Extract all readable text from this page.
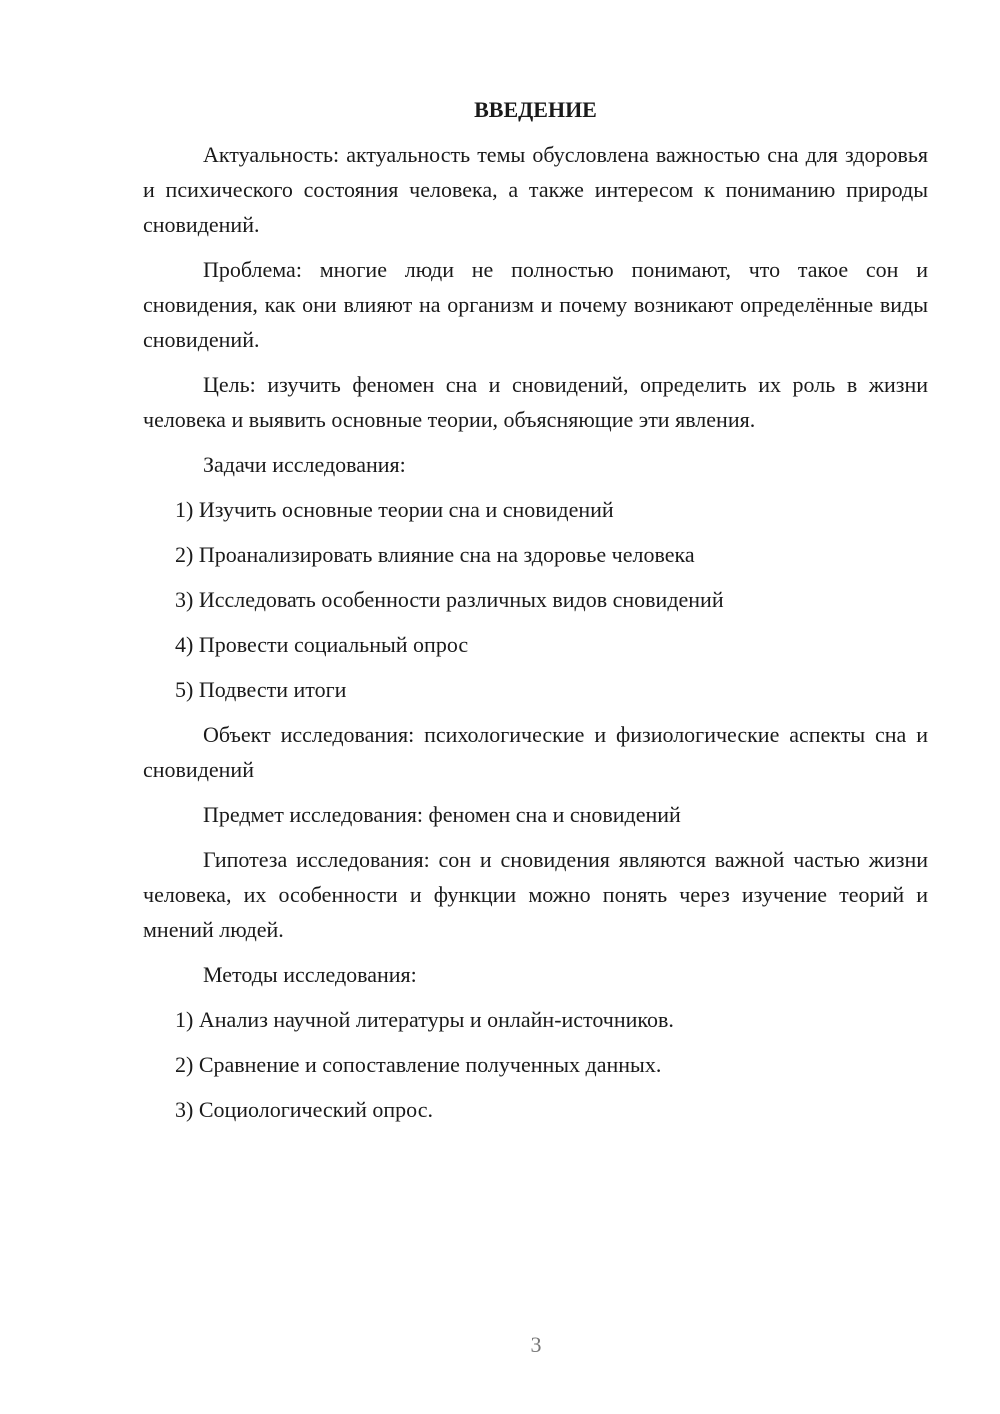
ВВЕДЕНИЕ

Актуальность: актуальность темы обусловлена важностью сна для здоровья и психического состояния человека, а также интересом к пониманию природы сновидений.

Проблема: многие люди не полностью понимают, что такое сон и сновидения, как они влияют на организм и почему возникают определённые виды сновидений.

Цель: изучить феномен сна и сновидений, определить их роль в жизни человека и выявить основные теории, объясняющие эти явления.

Задачи исследования:

1) Изучить основные теории сна и сновидений

2) Проанализировать влияние сна на здоровье человека

3) Исследовать особенности различных видов сновидений

4) Провести социальный опрос

5) Подвести итоги

Объект исследования: психологические и физиологические аспекты сна и сновидений

Предмет исследования: феномен сна и сновидений

Гипотеза исследования: сон и сновидения являются важной частью жизни человека, их особенности и функции можно понять через изучение теорий и мнений людей.

Методы исследования:

1) Анализ научной литературы и онлайн-источников.

2) Сравнение и сопоставление полученных данных.

3) Социологический опрос.

3
